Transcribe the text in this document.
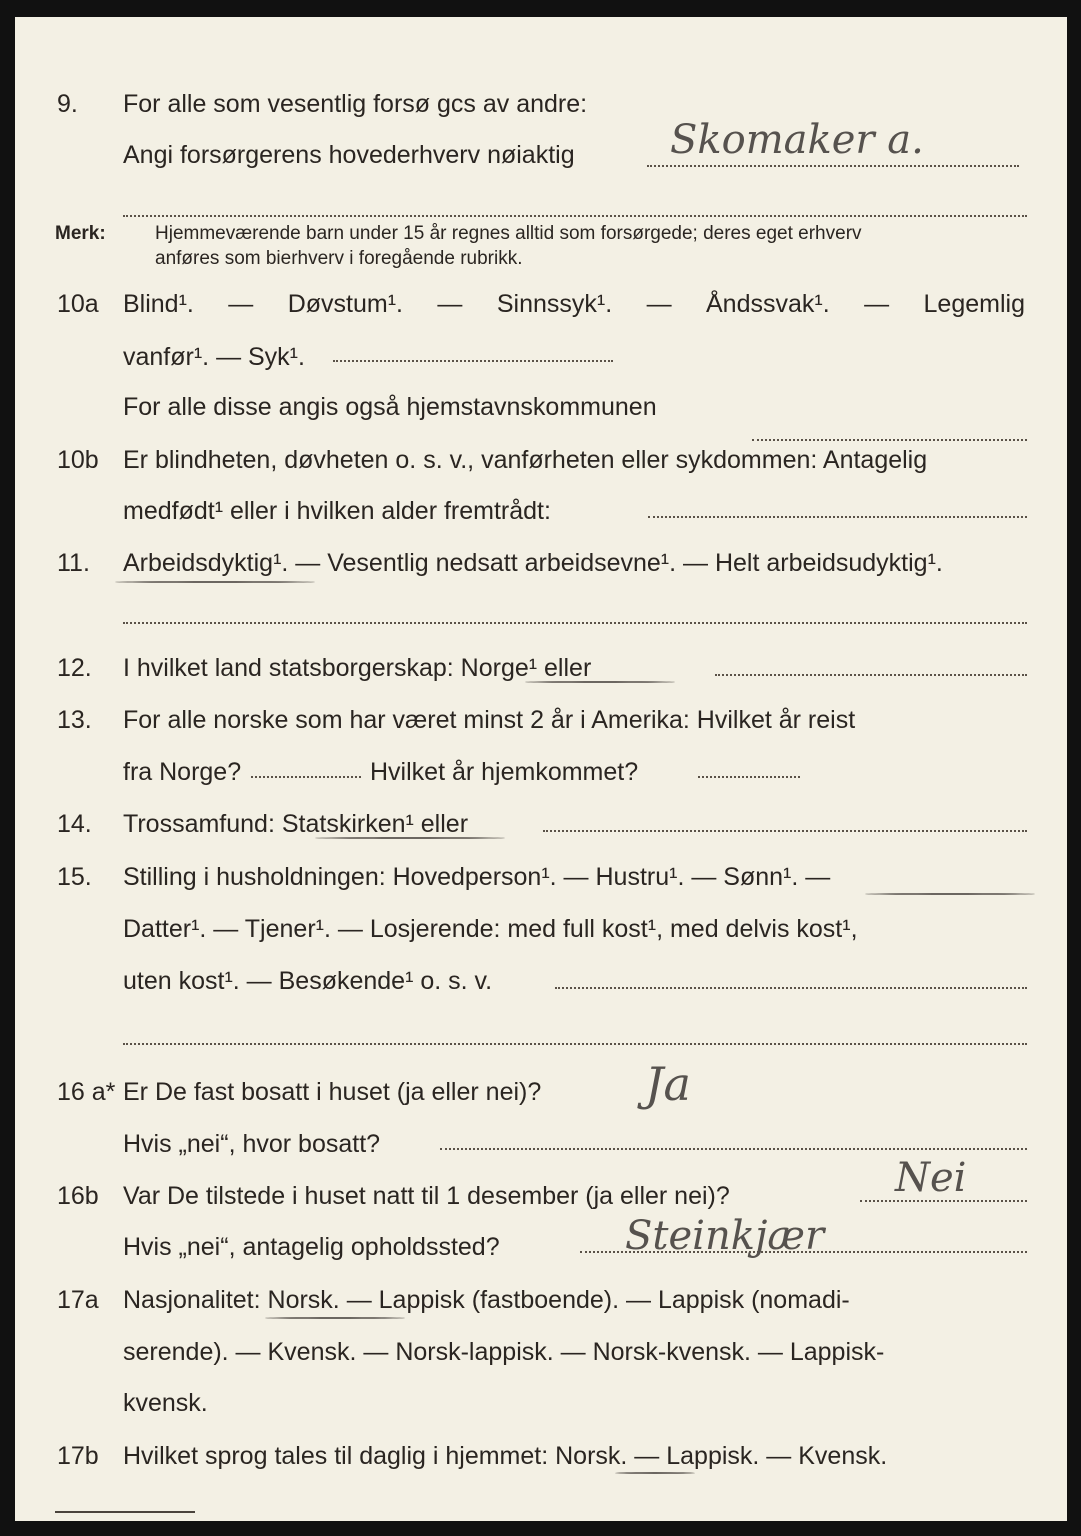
9. For alle som vesentlig forsø gcs av andre:
Angi forsørgerens hovederhverv nøiaktig Skomaker a.
Merk:	Hjemmeværende barn under 15 år regnes alltid som forsørgede; deres eget erhverv
anføres som bierhverv i foregående rubrikk.
10a Blind¹. — Døvstum¹. — Sinnssyk¹. — Åndssvak¹. — Legemlig
vanfør¹. — Syk¹.
For alle disse angis også hjemstavnskommunen
10b Er blindheten, døvheten o. s. v., vanførheten eller sykdommen: Antagelig
medfødt¹ eller i hvilken alder fremtrådt:
11. Arbeidsdyktig¹. — Vesentlig nedsatt arbeidsevne¹. — Helt arbeidsudyktig¹.
12. I hvilket land statsborgerskap: Norge¹ eller
13. For alle norske som har været minst 2 år i Amerika: Hvilket år reist
fra Norge?	Hvilket år hjemkommet?
14. Trossamfund: Statskirken¹ eller
15. Stilling i husholdningen: Hovedperson¹. — Hustru¹. — Sønn¹. —
Datter¹. — Tjener¹. — Losjerende: med full kost¹, med delvis kost¹,
uten kost¹. — Besøkende¹ o. s. v.
16 a* Er De fast bosatt i huset (ja eller nei)? Ja
Hvis „nei“, hvor bosatt?
16b Var De tilstede i huset natt til 1 desember (ja eller nei)?	Nei
Hvis „nei“, antagelig opholdssted?	Steinkjær
17a Nasjonalitet: Norsk. — Lappisk (fastboende). — Lappisk (nomadi-
serende). — Kvensk. — Norsk-lappisk. — Norsk-kvensk. — Lappisk-
kvensk.
17b Hvilket sprog tales til daglig i hjemmet: Norsk. — Lappisk. — Kvensk.
